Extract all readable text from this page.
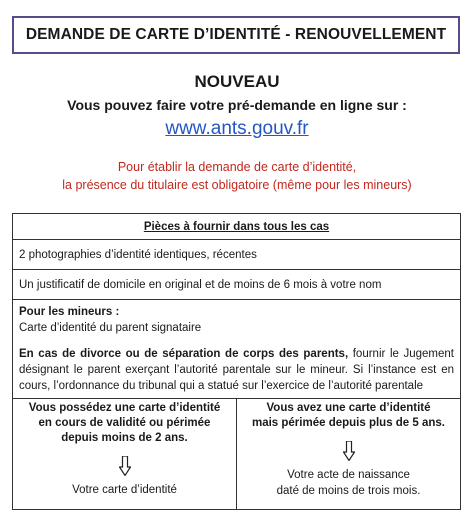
DEMANDE DE CARTE D’IDENTITÉ - RENOUVELLEMENT
NOUVEAU
Vous pouvez faire votre pré-demande en ligne sur :
www.ants.gouv.fr
Pour établir la demande de carte d’identité,
la présence du titulaire est obligatoire (même pour les mineurs)
Pièces à fournir dans tous les cas
2 photographies d’identité identiques, récentes
Un justificatif de domicile en original et de moins de 6 mois à votre nom
Pour les mineurs :
Carte d’identité du parent signataire
En cas de divorce ou de séparation de corps des parents, fournir le Jugement désignant le parent exerçant l’autorité parentale sur le mineur. Si l’instance est en cours, l’ordonnance du tribunal qui a statué sur l’exercice de l’autorité parentale
Vous possédez une carte d’identité
en cours de validité ou périmée
depuis moins de 2 ans.
Votre carte d’identité
Vous avez une carte d’identité
mais périmée depuis plus de 5 ans.
Votre acte de naissance
daté de moins de trois mois.
